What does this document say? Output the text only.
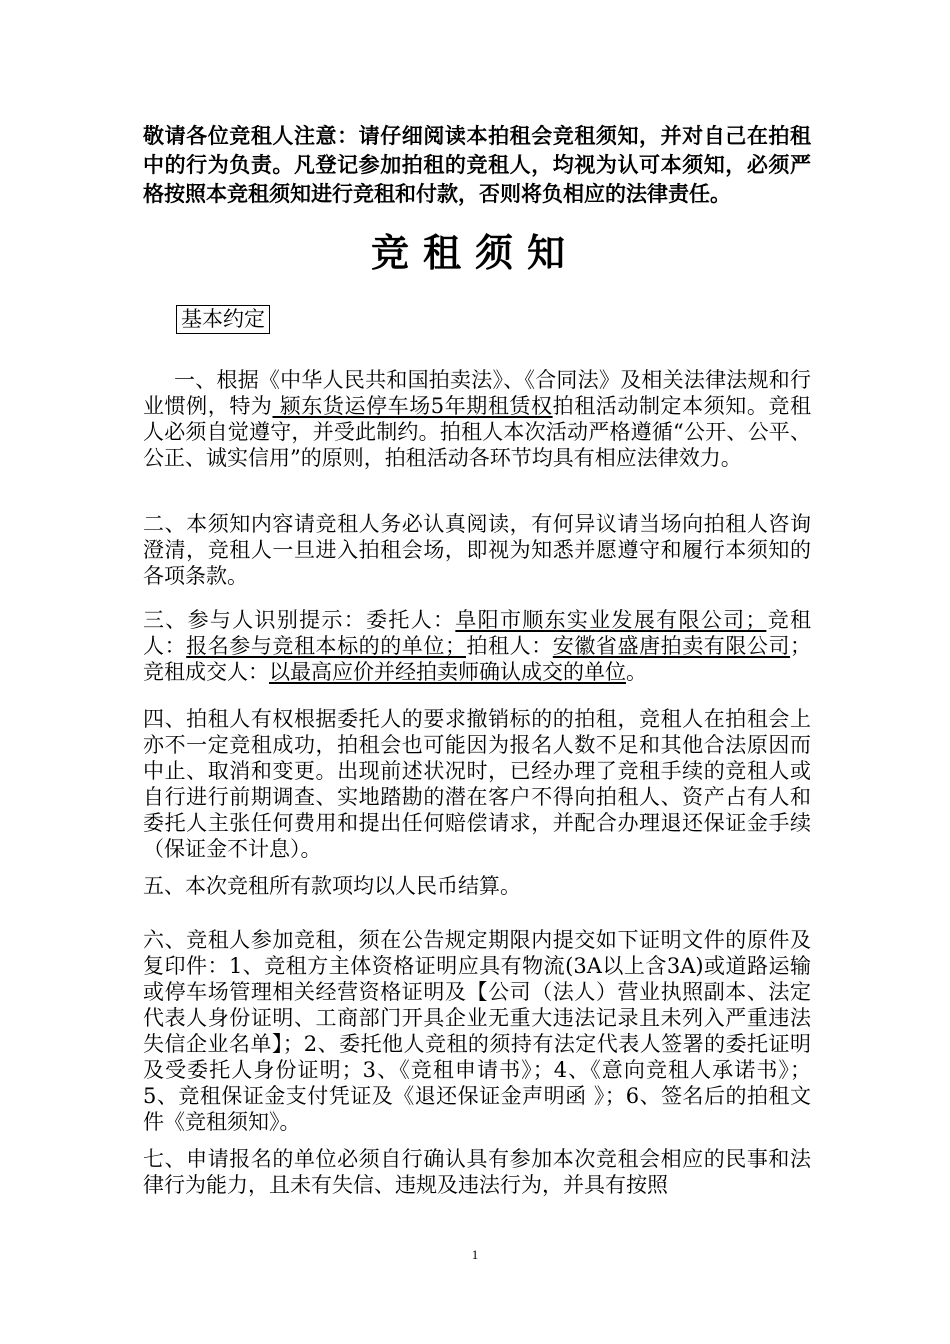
敬请各位竞租人注意：请仔细阅读本拍租会竞租须知，并对自己在拍租中的行为负责。凡登记参加拍租的竞租人，均视为认可本须知，必须严格按照本竞租须知进行竞租和付款，否则将负相应的法律责任。

竞租须知
基本约定

一、根据《中华人民共和国拍卖法》、《合同法》及相关法律法规和行业惯例，特为 颍东货运停车场5年期租赁权拍租活动制定本须知。竞租人必须自觉遵守，并受此制约。拍租人本次活动严格遵循“公开、公平、公正、诚实信用”的原则，拍租活动各环节均具有相应法律效力。

二、本须知内容请竞租人务必认真阅读，有何异议请当场向拍租人咨询澄清，竞租人一旦进入拍租会场，即视为知悉并愿遵守和履行本须知的各项条款。

三、参与人识别提示：委托人：阜阳市顺东实业发展有限公司；竞租人：报名参与竞租本标的的单位；拍租人：安徽省盛唐拍卖有限公司；竞租成交人：以最高应价并经拍卖师确认成交的单位。

四、拍租人有权根据委托人的要求撤销标的的拍租，竞租人在拍租会上亦不一定竞租成功，拍租会也可能因为报名人数不足和其他合法原因而中止、取消和变更。出现前述状况时，已经办理了竞租手续的竞租人或自行进行前期调查、实地踏勘的潜在客户不得向拍租人、资产占有人和委托人主张任何费用和提出任何赔偿请求，并配合办理退还保证金手续（保证金不计息）。

五、本次竞租所有款项均以人民币结算。

六、竞租人参加竞租，须在公告规定期限内提交如下证明文件的原件及复印件：1、竞租方主体资格证明应具有物流(3A以上含3A)或道路运输或停车场管理相关经营资格证明及【公司（法人）营业执照副本、法定代表人身份证明、工商部门开具企业无重大违法记录且未列入严重违法失信企业名单】；2、委托他人竞租的须持有法定代表人签署的委托证明及受委托人身份证明；3、《竞租申请书》；4、《意向竞租人承诺书》；5、竞租保证金支付凭证及《退还保证金声明函 》；6、签名后的拍租文件《竞租须知》。

七、申请报名的单位必须自行确认具有参加本次竞租会相应的民事和法律行为能力，且未有失信、违规及违法行为，并具有按照

1
